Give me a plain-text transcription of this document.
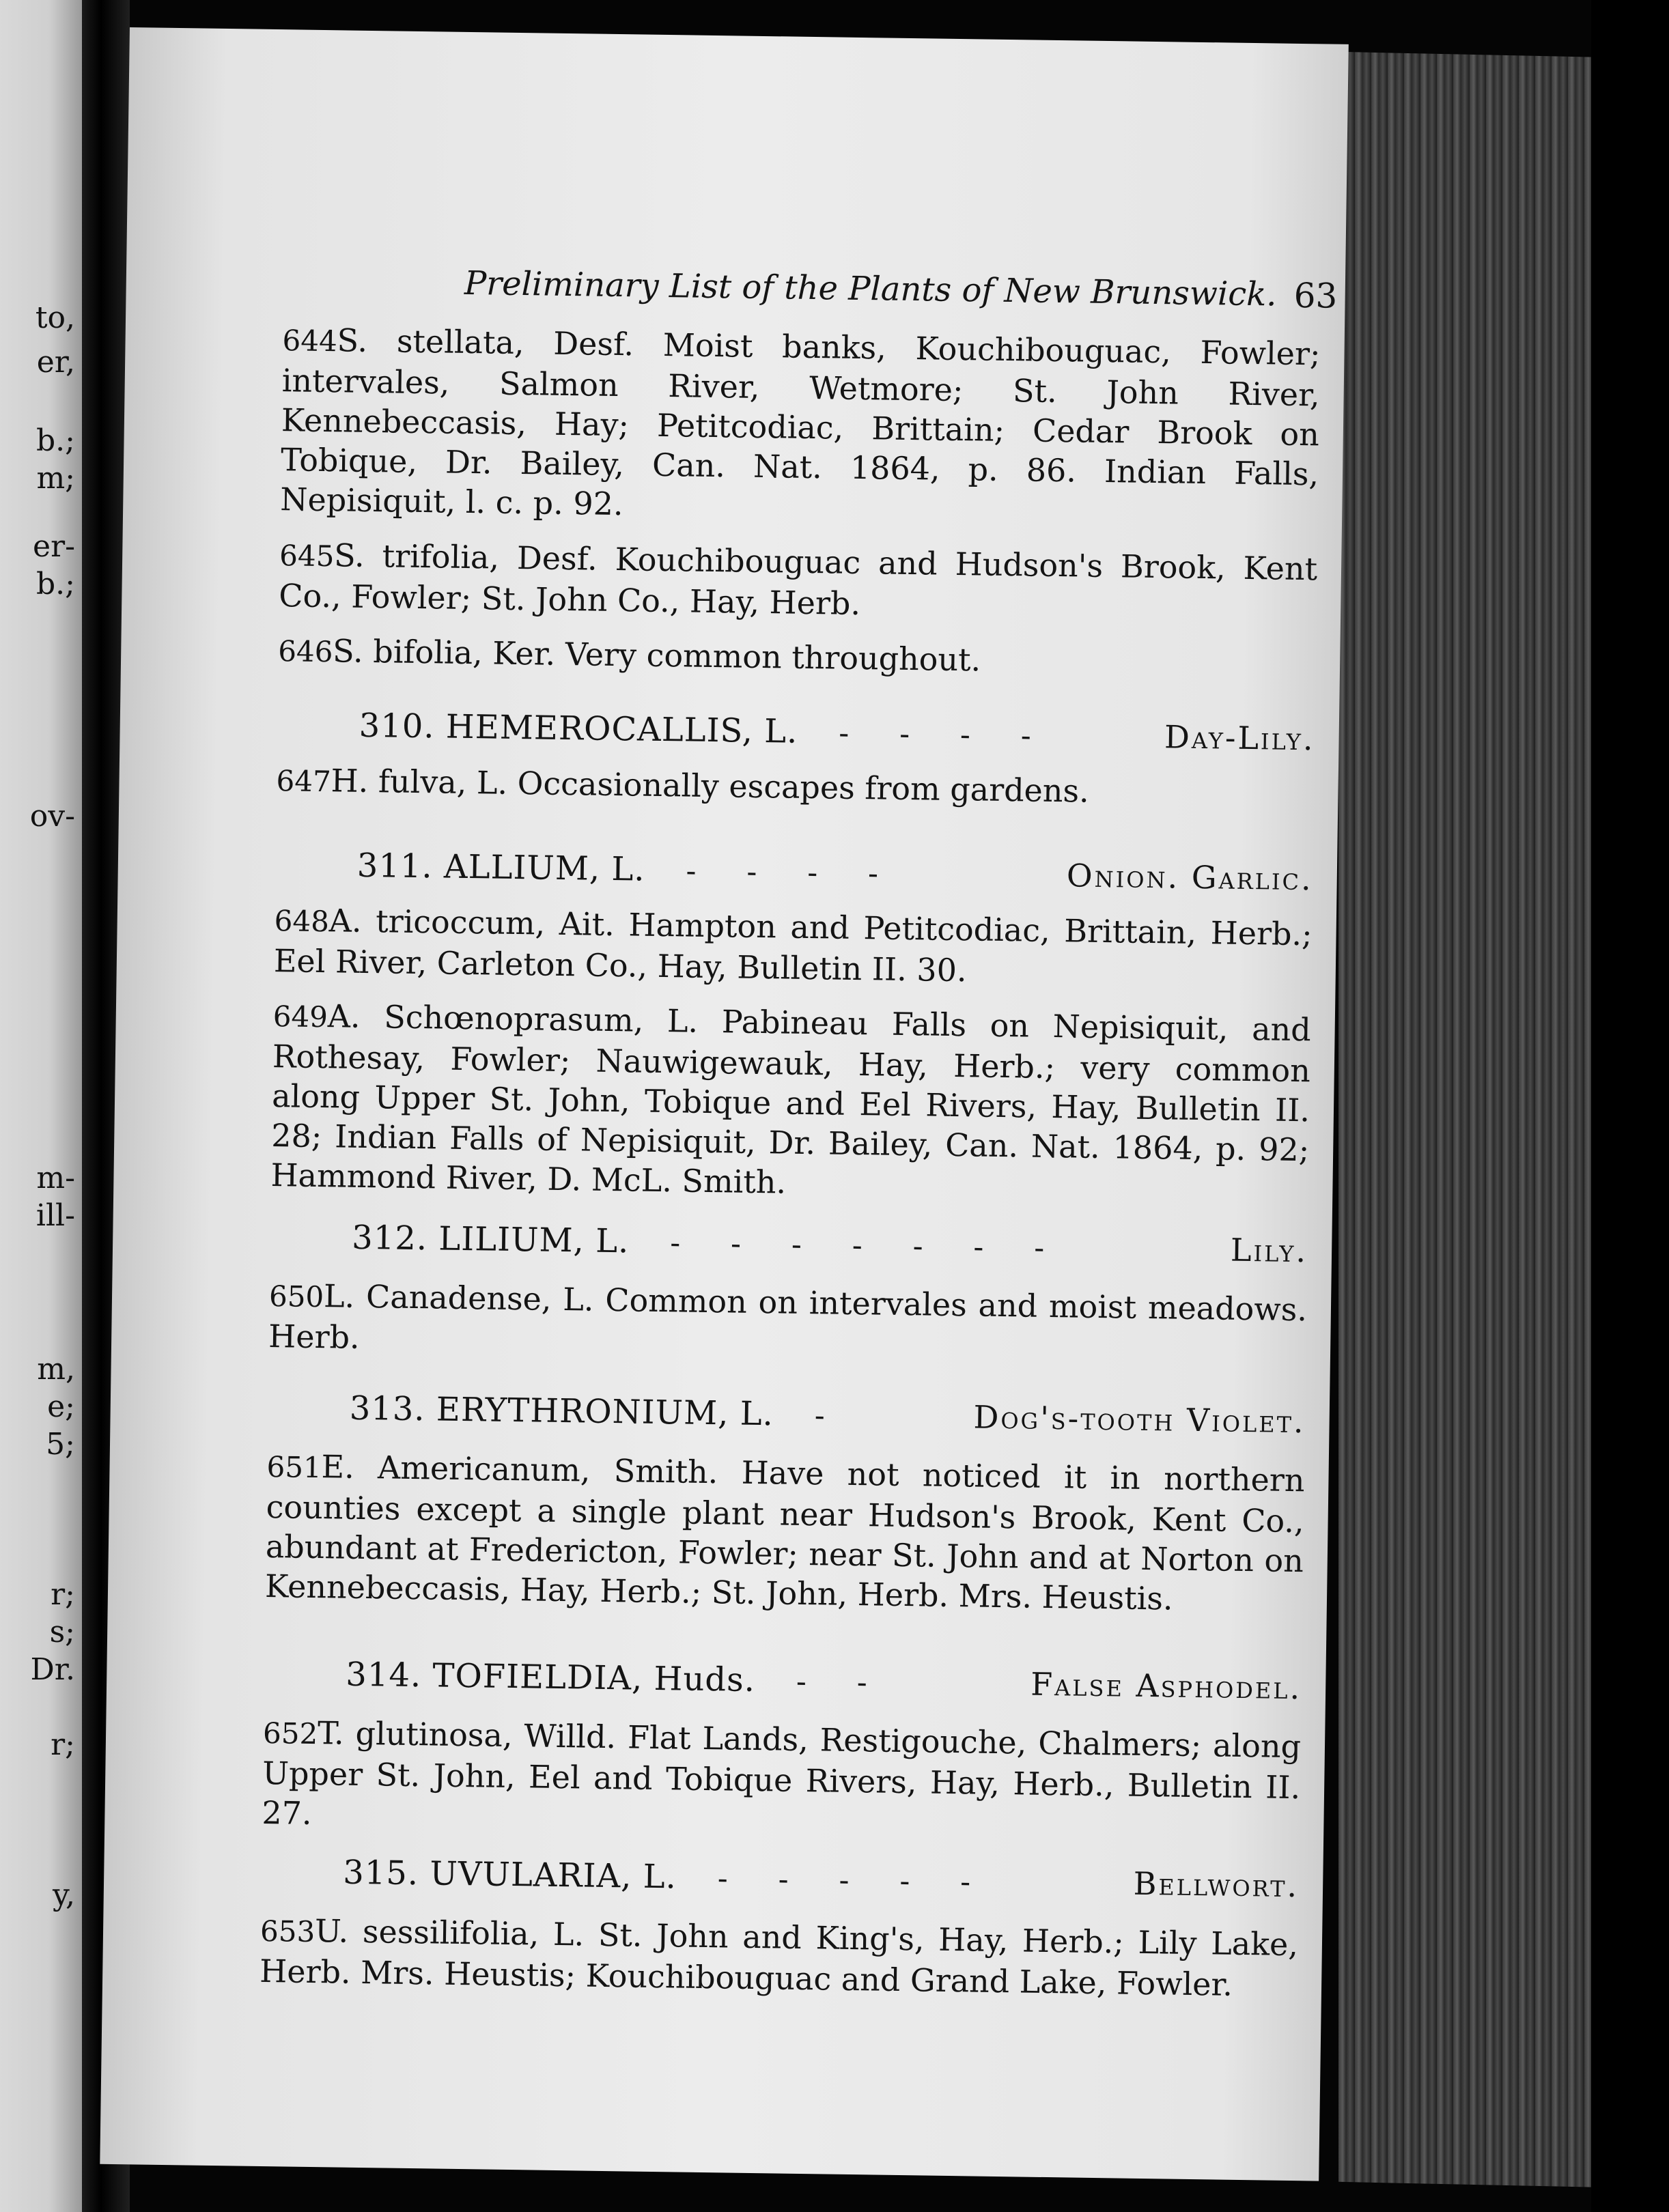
to,
er,
b.;
m;
er-
b.;
ov-
m-
ill-
m,
e;
5;
r;
s;
Dr.
r;
y,
Preliminary List of the Plants of New Brunswick. 63
644S. stellata, Desf. Moist banks, Kouchibouguac, Fowler; intervales, Salmon River, Wetmore; St. John River, Kennebeccasis, Hay; Petitcodiac, Brittain; Cedar Brook on Tobique, Dr. Bailey, Can. Nat. 1864, p. 86. Indian Falls, Nepisiquit, l. c. p. 92.
645S. trifolia, Desf. Kouchibouguac and Hudson's Brook, Kent Co., Fowler; St. John Co., Hay, Herb.
646S. bifolia, Ker. Very common throughout.
310. HEMEROCALLIS, L.	- - - -	Day-Lily.
647H. fulva, L. Occasionally escapes from gardens.
311. ALLIUM, L.	- - - -	Onion. Garlic.
648A. tricoccum, Ait. Hampton and Petitcodiac, Brittain, Herb.; Eel River, Carleton Co., Hay, Bulletin II. 30.
649A. Schœnoprasum, L. Pabineau Falls on Nepisiquit, and Rothesay, Fowler; Nauwigewauk, Hay, Herb.; very common along Upper St. John, Tobique and Eel Rivers, Hay, Bulletin II. 28; Indian Falls of Nepisiquit, Dr. Bailey, Can. Nat. 1864, p. 92; Hammond River, D. McL. Smith.
312. LILIUM, L.	- - - - - - -	Lily.
650L. Canadense, L. Common on intervales and moist meadows. Herb.
313. ERYTHRONIUM, L.	-	Dog's-tooth Violet.
651E. Americanum, Smith. Have not noticed it in northern counties except a single plant near Hudson's Brook, Kent Co., abundant at Fredericton, Fowler; near St. John and at Norton on Kennebeccasis, Hay, Herb.; St. John, Herb. Mrs. Heustis.
314. TOFIELDIA, Huds.	- -	False Asphodel.
652T. glutinosa, Willd. Flat Lands, Restigouche, Chalmers; along Upper St. John, Eel and Tobique Rivers, Hay, Herb., Bulletin II. 27.
315. UVULARIA, L.	- - - - -	Bellwort.
653U. sessilifolia, L. St. John and King's, Hay, Herb.; Lily Lake, Herb. Mrs. Heustis; Kouchibouguac and Grand Lake, Fowler.
